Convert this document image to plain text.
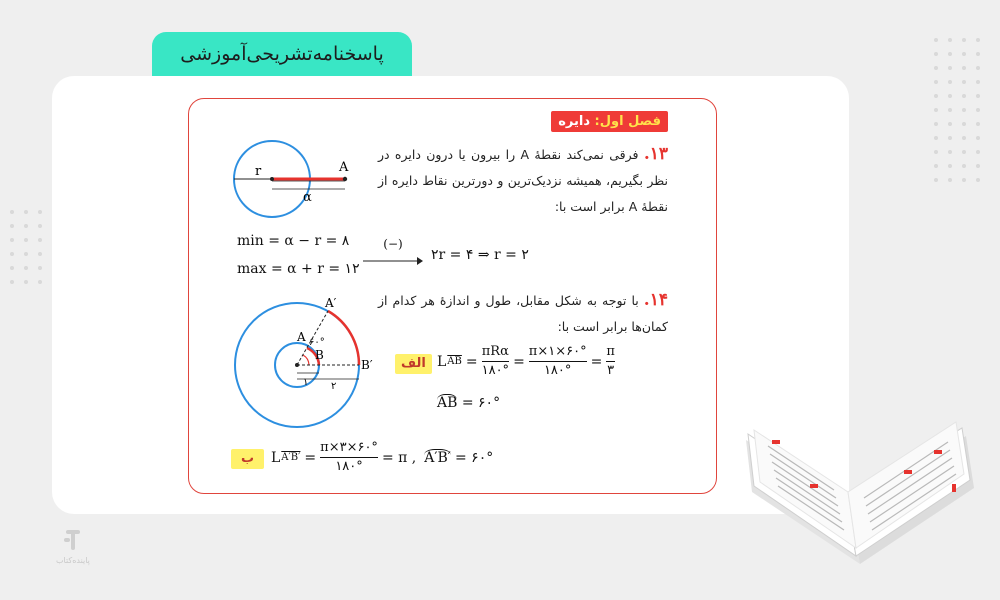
پاسخنامه‌تشریحی‌آموزشی
فصل اول: دایره
r	A
α
۱۳. فرقی نمی‌کند نقطهٔ A را بیرون یا درون دایره در نظر بگیریم، همیشه نزدیک‌ترین و دورترین نقاط دایره از نقطهٔ A برابر است با:
min = α − r = ۸
max = α + r = ۱۲
(−)
۲r = ۴ ⇒ r = ۲
A′
A ۶۰°
B
B′
۱ ۲
۱۴. با توجه به شکل مقابل، طول و اندازهٔ هر کدام از کمان‌ها برابر است با:
الف L $\overline{AB}$ =
πRα
۱۸۰°
=
π×۱×۶۰°
۱۸۰°
=
π
۳
AB = ۶۰°
ب	L A′B′ =
π×۳×۶۰°
۱۸۰°
= π , A′B′ = ۶۰°
پاینده‌کتاب
